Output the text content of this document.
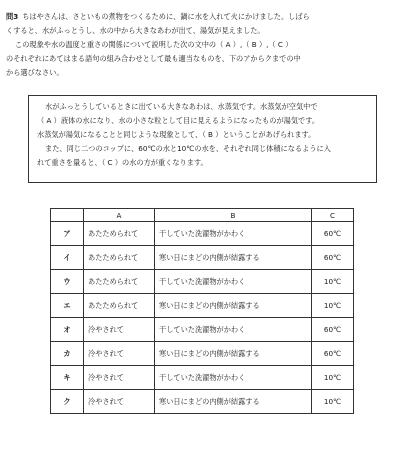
問3 ちはやさんは、さといもの煮物をつくるために、鍋に水を入れて火にかけました。しばら

くすると、水がふっとうし、水の中から大きなあわが出て、湯気が見えました。

この現象や水の温度と重さの関係について説明した次の文中の（ A ）,（ B ）,（ C ）

のそれぞれにあてはまる語句の組み合わせとして最も適当なものを、下のアからクまでの中

から選びなさい。

水がふっとうしているときに出ている大きなあわは、水蒸気です。水蒸気が空気中で

（ A ）液体の水になり、水の小さな粒として目に見えるようになったものが湯気です。

水蒸気が湯気になることと同じような現象として、（ B ）ということがあげられます。

また、同じ二つのコップに、60℃の水と10℃の水を、それぞれ同じ体積になるように入

れて重さを量ると、（ C ）の水の方が重くなります。

	A	B	C
ア	あたためられて	干していた洗濯物がかわく	60℃
イ	あたためられて	寒い日にまどの内側が結露する	60℃
ウ	あたためられて	干していた洗濯物がかわく	10℃
エ	あたためられて	寒い日にまどの内側が結露する	10℃
オ	冷やされて	干していた洗濯物がかわく	60℃
カ	冷やされて	寒い日にまどの内側が結露する	60℃
キ	冷やされて	干していた洗濯物がかわく	10℃
ク	冷やされて	寒い日にまどの内側が結露する	10℃
